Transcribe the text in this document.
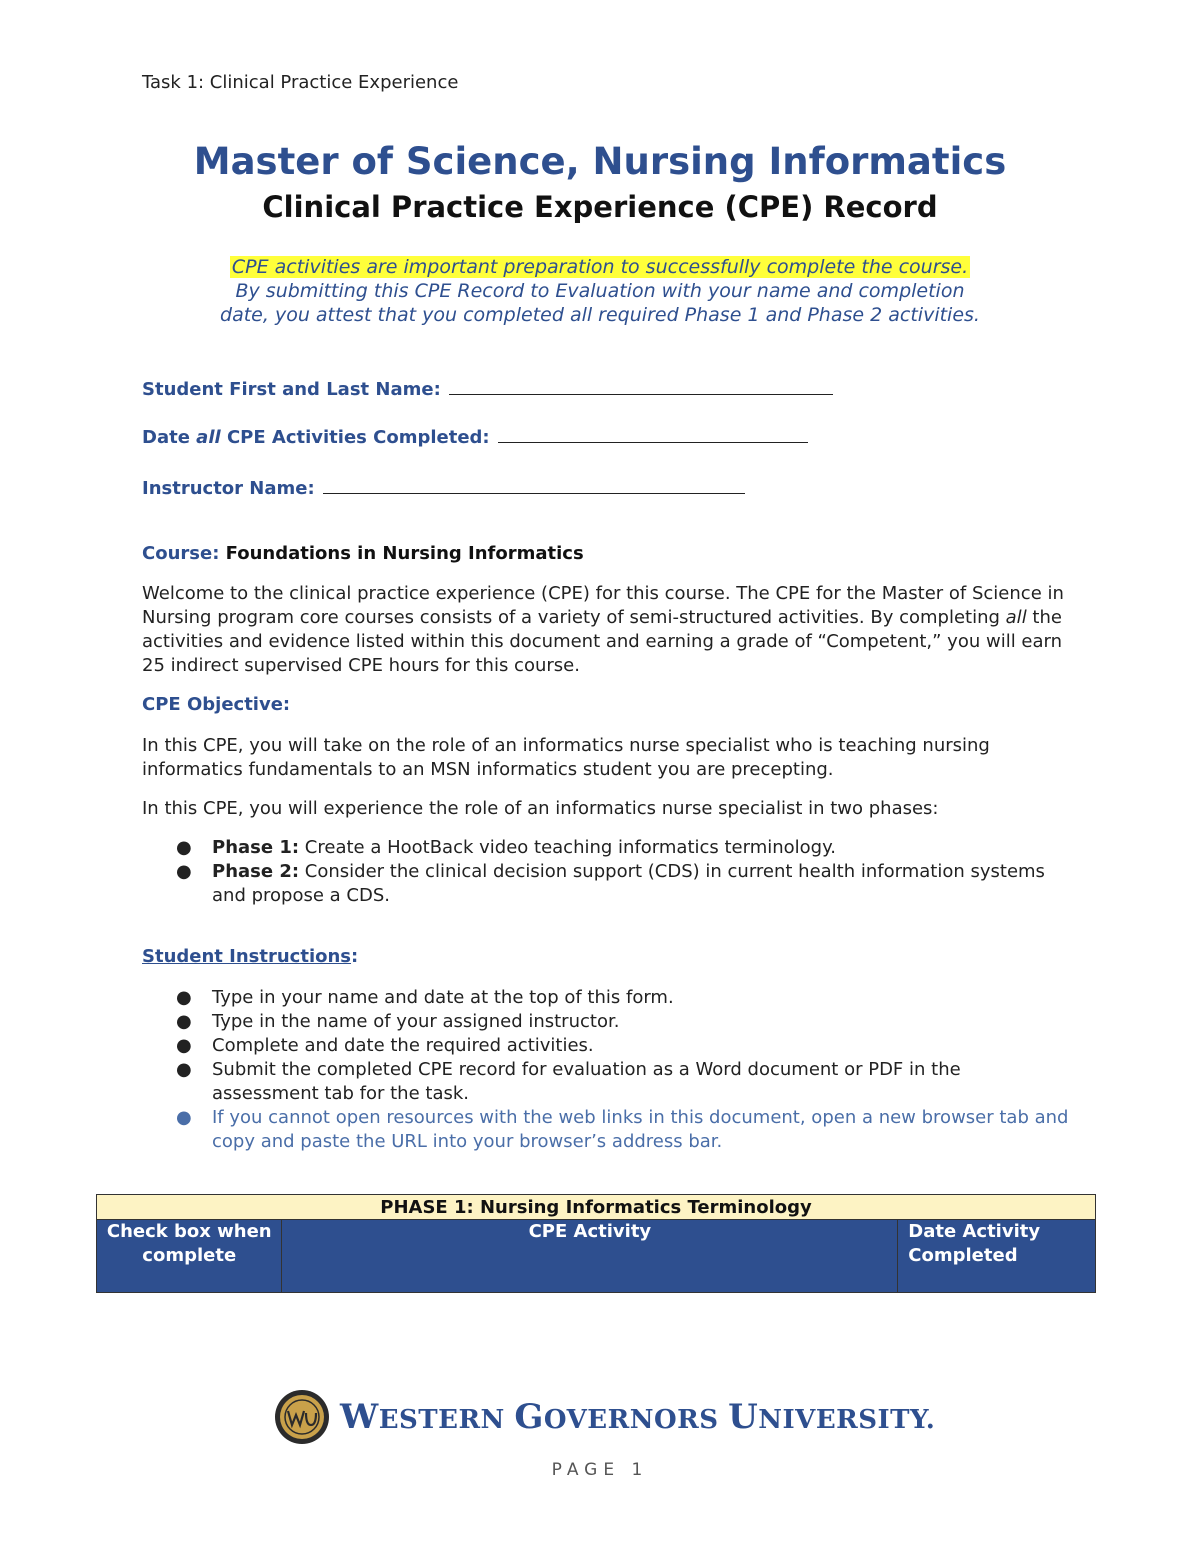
Task 1: Clinical Practice Experience
Master of Science, Nursing Informatics
Clinical Practice Experience (CPE) Record
CPE activities are important preparation to successfully complete the course.
By submitting this CPE Record to Evaluation with your name and completion
date, you attest that you completed all required Phase 1 and Phase 2 activities.
Student First and Last Name:
Date all CPE Activities Completed:
Instructor Name:
Course: Foundations in Nursing Informatics
Welcome to the clinical practice experience (CPE) for this course. The CPE for the Master of Science in Nursing program core courses consists of a variety of semi-structured activities. By completing all the activities and evidence listed within this document and earning a grade of “Competent,” you will earn 25 indirect supervised CPE hours for this course.
CPE Objective:
In this CPE, you will take on the role of an informatics nurse specialist who is teaching nursing informatics fundamentals to an MSN informatics student you are precepting.
In this CPE, you will experience the role of an informatics nurse specialist in two phases:
● Phase 1: Create a HootBack video teaching informatics terminology.
● Phase 2: Consider the clinical decision support (CDS) in current health information systems and propose a CDS.
Student Instructions:
● Type in your name and date at the top of this form.
● Type in the name of your assigned instructor.
● Complete and date the required activities.
● Submit the completed CPE record for evaluation as a Word document or PDF in the assessment tab for the task.
● If you cannot open resources with the web links in this document, open a new browser tab and copy and paste the URL into your browser’s address bar.
PHASE 1: Nursing Informatics Terminology
Check box when complete	CPE Activity	Date Activity Completed
WESTERN GOVERNORS UNIVERSITY.
PAGE 1
